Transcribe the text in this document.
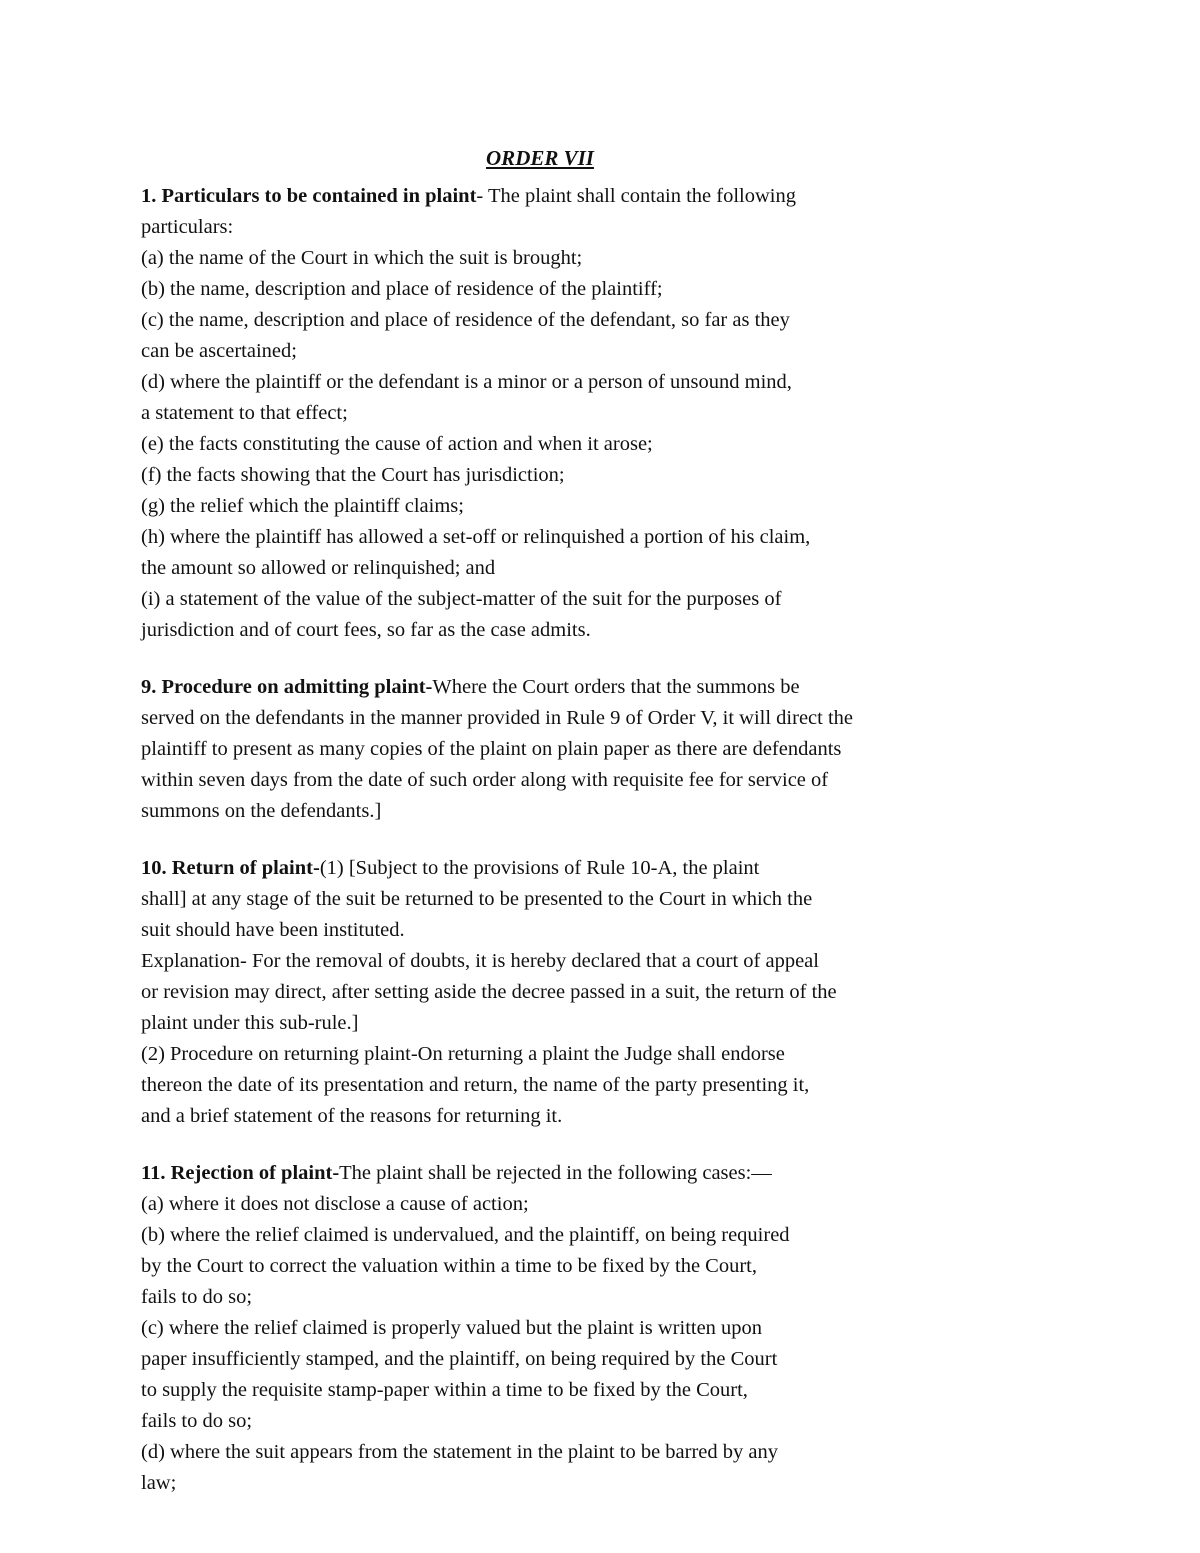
ORDER VII

1. Particulars to be contained in plaint- The plaint shall contain the following

particulars:

(a) the name of the Court in which the suit is brought;

(b) the name, description and place of residence of the plaintiff;

(c) the name, description and place of residence of the defendant, so far as they

can be ascertained;

(d) where the plaintiff or the defendant is a minor or a person of unsound mind,

a statement to that effect;

(e) the facts constituting the cause of action and when it arose;

(f) the facts showing that the Court has jurisdiction;

(g) the relief which the plaintiff claims;

(h) where the plaintiff has allowed a set-off or relinquished a portion of his claim,

the amount so allowed or relinquished; and

(i) a statement of the value of the subject-matter of the suit for the purposes of

jurisdiction and of court fees, so far as the case admits.

9. Procedure on admitting plaint-Where the Court orders that the summons be

served on the defendants in the manner provided in Rule 9 of Order V, it will direct the

plaintiff to present as many copies of the plaint on plain paper as there are defendants

within seven days from the date of such order along with requisite fee for service of

summons on the defendants.]

10. Return of plaint-(1) [Subject to the provisions of Rule 10-A, the plaint

shall] at any stage of the suit be returned to be presented to the Court in which the

suit should have been instituted.

Explanation- For the removal of doubts, it is hereby declared that a court of appeal

or revision may direct, after setting aside the decree passed in a suit, the return of the

plaint under this sub-rule.]

(2) Procedure on returning plaint-On returning a plaint the Judge shall endorse

thereon the date of its presentation and return, the name of the party presenting it,

and a brief statement of the reasons for returning it.

11. Rejection of plaint-The plaint shall be rejected in the following cases:—

(a) where it does not disclose a cause of action;

(b) where the relief claimed is undervalued, and the plaintiff, on being required

by the Court to correct the valuation within a time to be fixed by the Court,

fails to do so;

(c) where the relief claimed is properly valued but the plaint is written upon

paper insufficiently stamped, and the plaintiff, on being required by the Court

to supply the requisite stamp-paper within a time to be fixed by the Court,

fails to do so;

(d) where the suit appears from the statement in the plaint to be barred by any

law;
